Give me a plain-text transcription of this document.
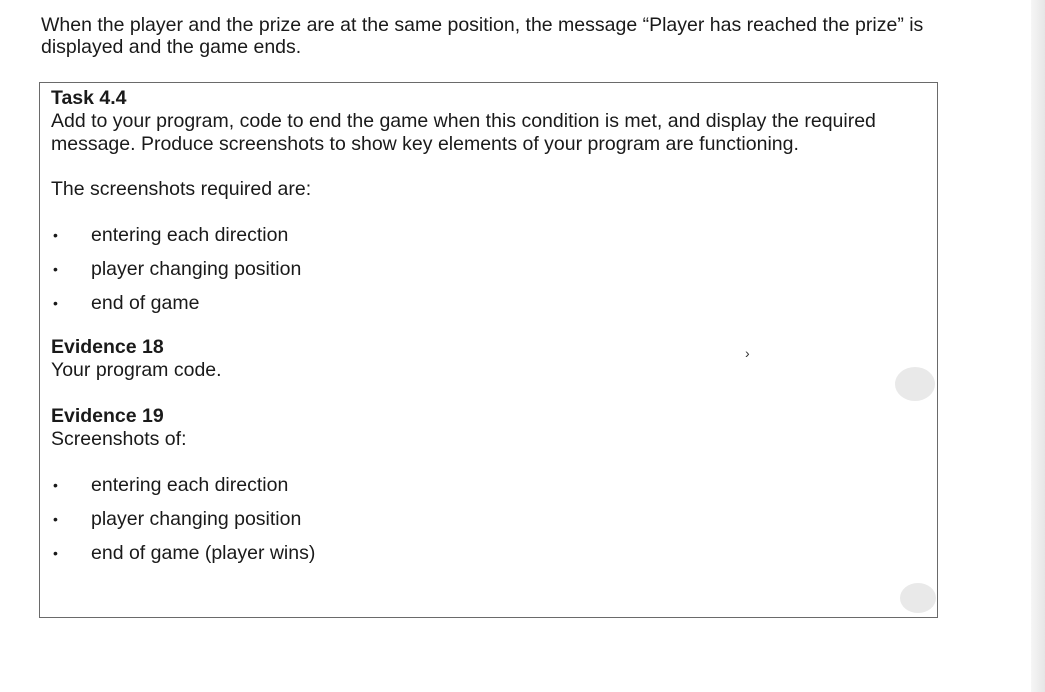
When the player and the prize are at the same position, the message “Player has reached the prize” is
displayed and the game ends.
Task 4.4
Add to your program, code to end the game when this condition is met, and display the required
message. Produce screenshots to show key elements of your program are functioning.
The screenshots required are:
• entering each direction
• player changing position
• end of game
Evidence 18
Your program code.
Evidence 19
Screenshots of:
• entering each direction
• player changing position
• end of game (player wins)
›
